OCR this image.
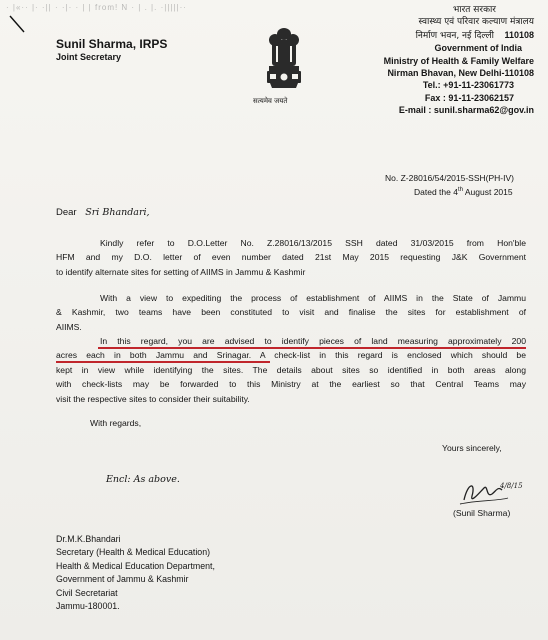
· |«·· |· ·|| · ·|· · | | from! N · | . |. ·|||||··
Sunil Sharma, IRPS
Joint Secretary
सत्यमेव जयते
भारत सरकार
स्वास्थ्य एवं परिवार कल्याण मंत्रालय
निर्माण भवन, नई दिल्ली 110108
Government of India
Ministry of Health & Family Welfare
Nirman Bhavan, New Delhi-110108
Tel.: +91-11-23061773
Fax : 91-11-23062157
E-mail : sunil.sharma62@gov.in
No. Z-28016/54/2015-SSH(PH-IV)
Dated the 4th August 2015
Dear Sri Bhandari,
Kindly refer to D.O.Letter No. Z.28016/13/2015 SSH dated 31/03/2015 from Hon'ble
HFM and my D.O. letter of even number dated 21st May 2015 requesting J&K Government
to identify alternate sites for setting of AIIMS in Jammu & Kashmir
With a view to expediting the process of establishment of AIIMS in the State of Jammu
& Kashmir, two teams have been constituted to visit and finalise the sites for establishment of
AIIMS.
In this regard, you are advised to identify pieces of land measuring approximately 200
acres each in both Jammu and Srinagar. A check-list in this regard is enclosed which should be
kept in view while identifying the sites. The details about sites so identified in both areas along
with check-lists may be forwarded to this Ministry at the earliest so that Central Teams may
visit the respective sites to consider their suitability.
With regards,
Yours sincerely,
Encl: As above.
4/8/15
(Sunil Sharma)
Dr.M.K.Bhandari
Secretary (Health & Medical Education)
Health & Medical Education Department,
Government of Jammu & Kashmir
Civil Secretariat
Jammu-180001.
